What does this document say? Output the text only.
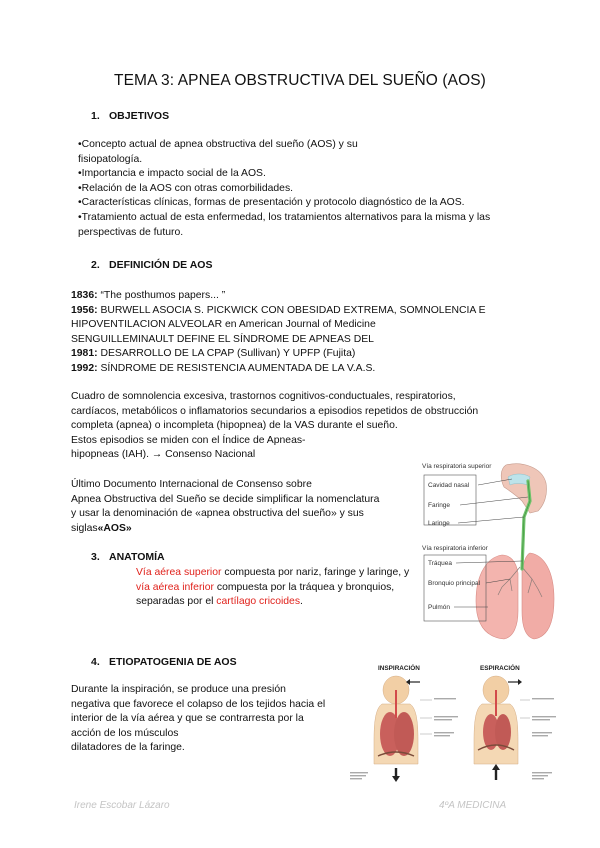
TEMA 3: APNEA OBSTRUCTIVA DEL SUEÑO (AOS)
1. OBJETIVOS
•Concepto actual de apnea obstructiva del sueño (AOS) y su
fisiopatología.
•Importancia e impacto social de la AOS.
•Relación de la AOS con otras comorbilidades.
•Características clínicas, formas de presentación y protocolo diagnóstico de la AOS.
•Tratamiento actual de esta enfermedad, los tratamientos alternativos para la misma y las
perspectivas de futuro.
2. DEFINICIÓN DE AOS
1836: “The posthumos papers... ”
1956: BURWELL ASOCIA S. PICKWICK CON OBESIDAD EXTREMA, SOMNOLENCIA E
HIPOVENTILACION ALVEOLAR en American Journal of Medicine
SENGUILLEMINAULT DEFINE EL SÍNDROME DE APNEAS DEL
1981: DESARROLLO DE LA CPAP (Sullivan) Y UPFP (Fujita)
1992: SÍNDROME DE RESISTENCIA AUMENTADA DE LA V.A.S.
Cuadro de somnolencia excesiva, trastornos cognitivos-conductuales, respiratorios,
cardíacos, metabólicos o inflamatorios secundarios a episodios repetidos de obstrucción
completa (apnea) o incompleta (hipopnea) de la VAS durante el sueño.
Estos episodios se miden con el Índice de Apneas-
hipopneas (IAH). → Consenso Nacional
Último Documento Internacional de Consenso sobre
Apnea Obstructiva del Sueño se decide simplificar la nomenclatura
y usar la denominación de «apnea obstructiva del sueño» y sus
siglas«AOS»
Vía respiratoria superior
Cavidad nasal
Faringe
Laringe
Vía respiratoria inferior
Tráquea
Bronquio principal
Pulmón
3. ANATOMÍA
Vía aérea superior compuesta por nariz, faringe y laringe, y
vía aérea inferior compuesta por la tráquea y bronquios,
separadas por el cartílago cricoides.
4. ETIOPATOGENIA DE AOS
Durante la inspiración, se produce una presión
negativa que favorece el colapso de los tejidos hacia el
interior de la vía aérea y que se contrarresta por la
acción de los músculos
dilatadores de la faringe.
INSPIRACIÓN	ESPIRACIÓN
Irene Escobar Lázaro	4ºA MEDICINA
